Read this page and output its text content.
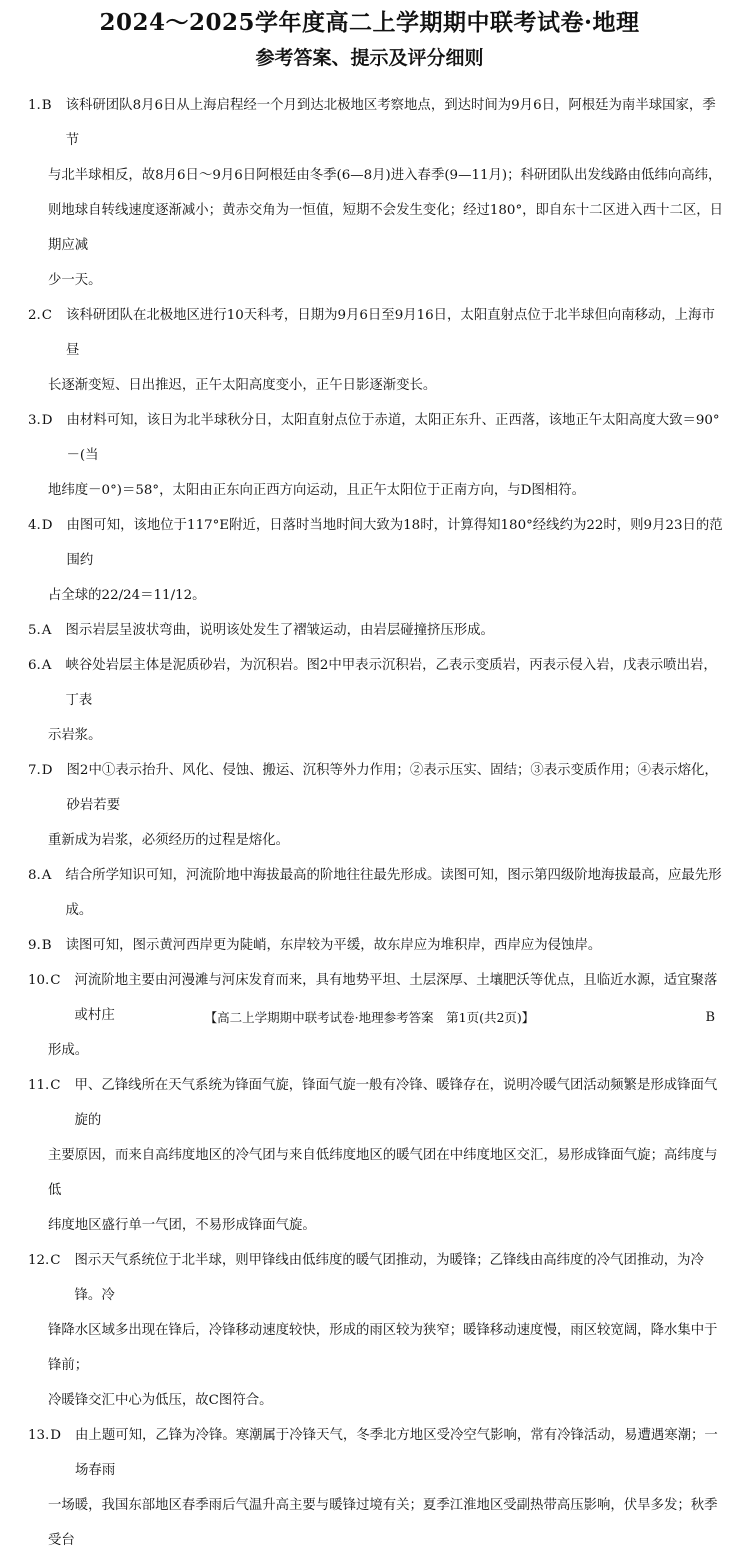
2024～2025学年度高二上学期期中联考试卷·地理
参考答案、提示及评分细则
1. B 该科研团队8月6日从上海启程经一个月到达北极地区考察地点，到达时间为9月6日，阿根廷为南半球国家，季节
与北半球相反，故8月6日～9月6日阿根廷由冬季(6—8月)进入春季(9—11月)；科研团队出发线路由低纬向高纬，
则地球自转线速度逐渐减小；黄赤交角为一恒值，短期不会发生变化；经过180°，即自东十二区进入西十二区，日期应减
少一天。
2. C 该科研团队在北极地区进行10天科考，日期为9月6日至9月16日，太阳直射点位于北半球但向南移动，上海市昼
长逐渐变短、日出推迟，正午太阳高度变小，正午日影逐渐变长。
3. D 由材料可知，该日为北半球秋分日，太阳直射点位于赤道，太阳正东升、正西落，该地正午太阳高度大致＝90°－(当
地纬度－0°)＝58°，太阳由正东向正西方向运动，且正午太阳位于正南方向，与D图相符。
4. D 由图可知，该地位于117°E附近，日落时当地时间大致为18时，计算得知180°经线约为22时，则9月23日的范围约
占全球的22/24＝11/12。
5. A 图示岩层呈波状弯曲，说明该处发生了褶皱运动，由岩层碰撞挤压形成。
6. A 峡谷处岩层主体是泥质砂岩，为沉积岩。图2中甲表示沉积岩，乙表示变质岩，丙表示侵入岩，戊表示喷出岩，丁表
示岩浆。
7. D 图2中①表示抬升、风化、侵蚀、搬运、沉积等外力作用；②表示压实、固结；③表示变质作用；④表示熔化，砂岩若要
重新成为岩浆，必须经历的过程是熔化。
8. A 结合所学知识可知，河流阶地中海拔最高的阶地往往最先形成。读图可知，图示第四级阶地海拔最高，应最先形成。
9. B 读图可知，图示黄河西岸更为陡峭，东岸较为平缓，故东岸应为堆积岸，西岸应为侵蚀岸。
10. C 河流阶地主要由河漫滩与河床发育而来，具有地势平坦、土层深厚、土壤肥沃等优点，且临近水源，适宜聚落或村庄
形成。
11. C 甲、乙锋线所在天气系统为锋面气旋，锋面气旋一般有冷锋、暖锋存在，说明冷暖气团活动频繁是形成锋面气旋的
主要原因，而来自高纬度地区的冷气团与来自低纬度地区的暖气团在中纬度地区交汇，易形成锋面气旋；高纬度与低
纬度地区盛行单一气团，不易形成锋面气旋。
12. C 图示天气系统位于北半球，则甲锋线由低纬度的暖气团推动，为暖锋；乙锋线由高纬度的冷气团推动，为冷锋。冷
锋降水区域多出现在锋后，冷锋移动速度较快，形成的雨区较为狭窄；暖锋移动速度慢，雨区较宽阔，降水集中于锋前；
冷暖锋交汇中心为低压，故C图符合。
13. D 由上题可知，乙锋为冷锋。寒潮属于冷锋天气，冬季北方地区受冷空气影响，常有冷锋活动，易遭遇寒潮；一场春雨
一场暖，我国东部地区春季雨后气温升高主要与暖锋过境有关；夏季江淮地区受副热带高压影响，伏旱多发；秋季受台
【高二上学期期中联考试卷·地理参考答案　第1页(共2页)】	B
